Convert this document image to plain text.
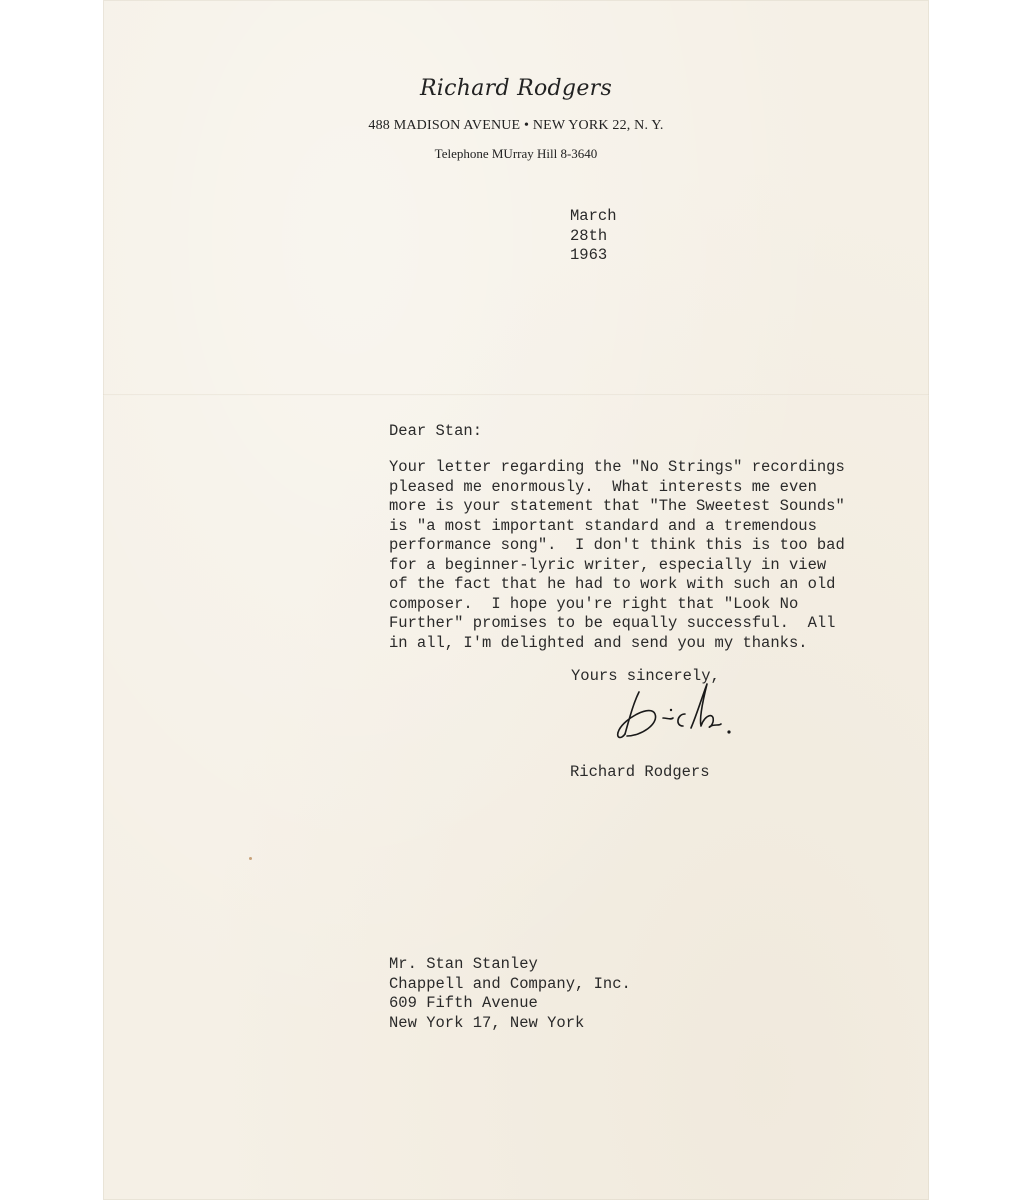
Richard Rodgers
488 MADISON AVENUE • NEW YORK 22, N. Y.
Telephone MUrray Hill 8-3640
March
28th
1963
Dear Stan:
Your letter regarding the "No Strings" recordings
pleased me enormously.  What interests me even
more is your statement that "The Sweetest Sounds"
is "a most important standard and a tremendous
performance song".  I don't think this is too bad
for a beginner-lyric writer, especially in view
of the fact that he had to work with such an old
composer.  I hope you're right that "Look No
Further" promises to be equally successful.  All
in all, I'm delighted and send you my thanks.
Yours sincerely,
Richard Rodgers
Mr. Stan Stanley
Chappell and Company, Inc.
609 Fifth Avenue
New York 17, New York
